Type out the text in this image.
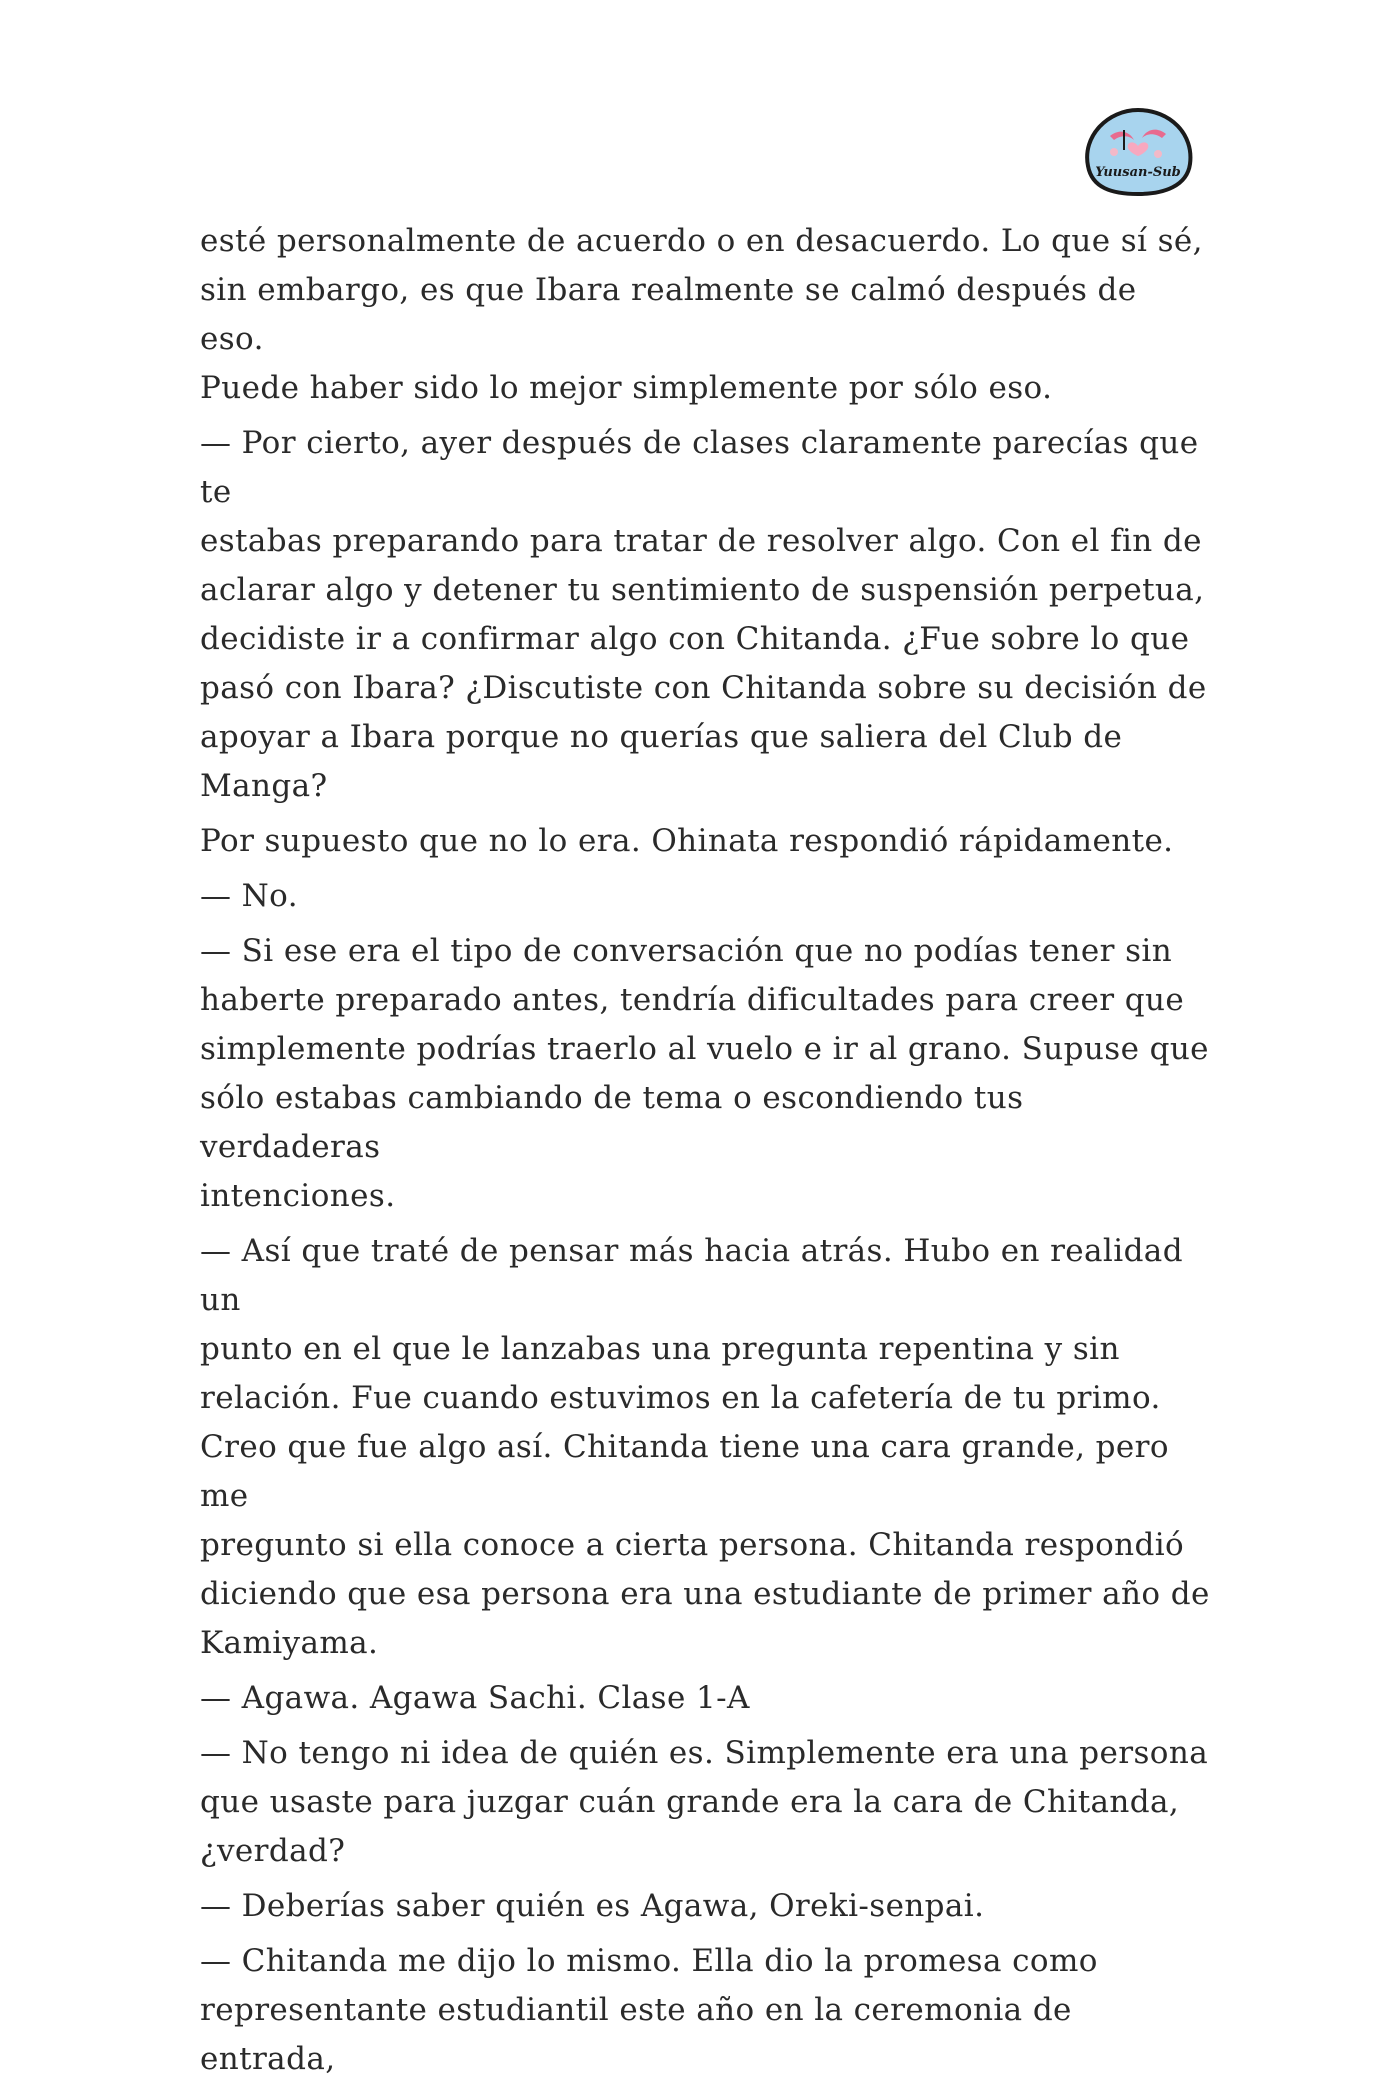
Yuusan-Sub

esté personalmente de acuerdo o en desacuerdo. Lo que sí sé,
sin embargo, es que Ibara realmente se calmó después de eso.
Puede haber sido lo mejor simplemente por sólo eso.

— Por cierto, ayer después de clases claramente parecías que te
estabas preparando para tratar de resolver algo. Con el fin de
aclarar algo y detener tu sentimiento de suspensión perpetua,
decidiste ir a confirmar algo con Chitanda. ¿Fue sobre lo que
pasó con Ibara? ¿Discutiste con Chitanda sobre su decisión de
apoyar a Ibara porque no querías que saliera del Club de
Manga?

Por supuesto que no lo era. Ohinata respondió rápidamente.

— No.

— Si ese era el tipo de conversación que no podías tener sin
haberte preparado antes, tendría dificultades para creer que
simplemente podrías traerlo al vuelo e ir al grano. Supuse que
sólo estabas cambiando de tema o escondiendo tus verdaderas
intenciones.

— Así que traté de pensar más hacia atrás. Hubo en realidad un
punto en el que le lanzabas una pregunta repentina y sin
relación. Fue cuando estuvimos en la cafetería de tu primo.
Creo que fue algo así. Chitanda tiene una cara grande, pero me
pregunto si ella conoce a cierta persona. Chitanda respondió
diciendo que esa persona era una estudiante de primer año de
Kamiyama.

— Agawa. Agawa Sachi. Clase 1-A

— No tengo ni idea de quién es. Simplemente era una persona
que usaste para juzgar cuán grande era la cara de Chitanda,
¿verdad?

— Deberías saber quién es Agawa, Oreki-senpai.

— Chitanda me dijo lo mismo. Ella dio la promesa como
representante estudiantil este año en la ceremonia de entrada,
